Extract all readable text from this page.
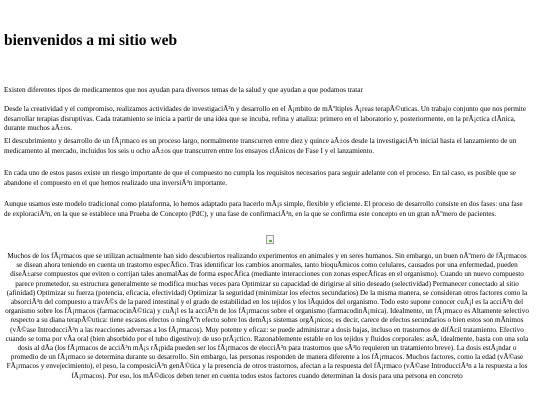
bienvenidos a mi sitio web

Existen diferentes tipos de medicamentos que nos ayudan para diversos temas de la salud y que ayudan a que podamos tratar

Desde la creatividad y el compromiso, realizamos actividades de investigaciÃ³n y desarrollo en el Ã¡mbito de mÃºltiples Ã¡reas terapÃ©uticas. Un trabajo conjunto que nos permite desarrollar terapias disruptivas. Cada tratamiento se inicia a partir de una idea que se incuba, refina y analiza: primero en el laboratorio y, posteriormente, en la prÃ¡ctica clÃnica, durante muchos aÃ±os.

El descubrimiento y desarrollo de un fÃ¡rmaco es un proceso largo, normalmente transcurren entre diez y quince aÃ±os desde la investigaciÃ³n inicial hasta el lanzamiento de un medicamento al mercado, incluidos los seis u ocho aÃ±os que transcurren entre los ensayos clÃnicos de Fase I y el lanzamiento.

En cada uno de estos pasos existe un riesgo importante de que el compuesto no cumpla los requisitos necesarios para seguir adelante con el proceso. En tal caso, es posible que se abandone el compuesto en el que hemos realizado una inversiÃ³n importante.

Aunque usamos este modelo tradicional como plataforma, lo hemos adaptado para hacerlo mÃ¡s simple, flexible y eficiente. El proceso de desarrollo consiste en dos fases: una fase de exploraciÃ³n, en la que se establece una Prueba de Concepto (PdC), y una fase de confirmaciÃ³n, en la que se confirma este concepto en un gran nÃºmero de pacientes.

Muchos de los fÃ¡rmacos que se utilizan actualmente han sido descubiertos realizando experimentos en animales y en seres humanos. Sin embargo, un buen nÃºmero de fÃ¡rmacos se disean ahora teniendo en cuenta un trastorno especÃfico. Tras identificar los cambios anormales, tanto bioquÃmicos como celulares, causados por una enfermedad, pueden diseÃ±arse compuestos que eviten o corrijan tales anomalÃas de forma especÃfica (mediante interacciones con zonas especÃficas en el organismo). Cuando un nuevo compuesto parece prometedor, su estructura generalmente se modifica muchas veces para Optimizar su capacidad de dirigirse al sitio deseado (selectividad) Permanecer conectado al sitio (afinidad) Optimizar su fuerza (potencia, eficacia, efectividad) Optimizar la seguridad (minimizar los efectos secundarios) De la misma manera, se consideran otros factores como la absorciÃ³n del compuesto a travÃ©s de la pared intestinal y el grado de estabilidad en los tejidos y los lÃquidos del organismo. Todo esto supone conocer cuÃ¡l es la acciÃ³n del organismo sobre los fÃ¡rmacos (farmacocinÃ©tica) y cuÃ¡l es la acciÃ³n de los fÃ¡rmacos sobre el organismo (farmacodinÃ¡mica). Idealmente, un fÃ¡rmaco es Altamente selectivo respecto a su diana terapÃ©utica: tiene escasos efectos o ningÃºn efecto sobre los demÃ¡s sistemas orgÃ¡nicos; es decir, carece de efectos secundarios o bien estos son mÃnimos (vÃ©ase IntroducciÃ³n a las reacciones adversas a los fÃ¡rmacos). Muy potente y eficaz: se puede administrar a dosis bajas, incluso en trastornos de difÃcil tratamiento. Efectivo cuando se toma por vÃa oral (bien absorbido por el tubo digestivo): de uso prÃ¡ctico. Razonablemente estable en los tejidos y fluidos corporales: asÃ, idealmente, basta con una sola dosis al dÃa (los fÃ¡rmacos de acciÃ³n mÃ¡s rÃ¡pida pueden ser los fÃ¡rmacos de elecciÃ³n para trastornos que sÃ³lo requieren un tratamiento breve). La dosis estÃ¡ndar o promedio de un fÃ¡rmaco se determina durante su desarrollo. Sin embargo, las personas responden de manera diferente a los fÃ¡rmacos. Muchos factores, como la edad (vÃ©ase FÃ¡rmacos y envejecimiento), el peso, la composiciÃ³n genÃ©tica y la presencia de otros trastornos, afectan a la respuesta del fÃ¡rmaco (vÃ©ase IntroducciÃ³n a la respuesta a los fÃ¡rmacos). Por eso, los mÃ©dicos deben tener en cuenta todos estos factores cuando determinan la dosis para una persona en concreto
